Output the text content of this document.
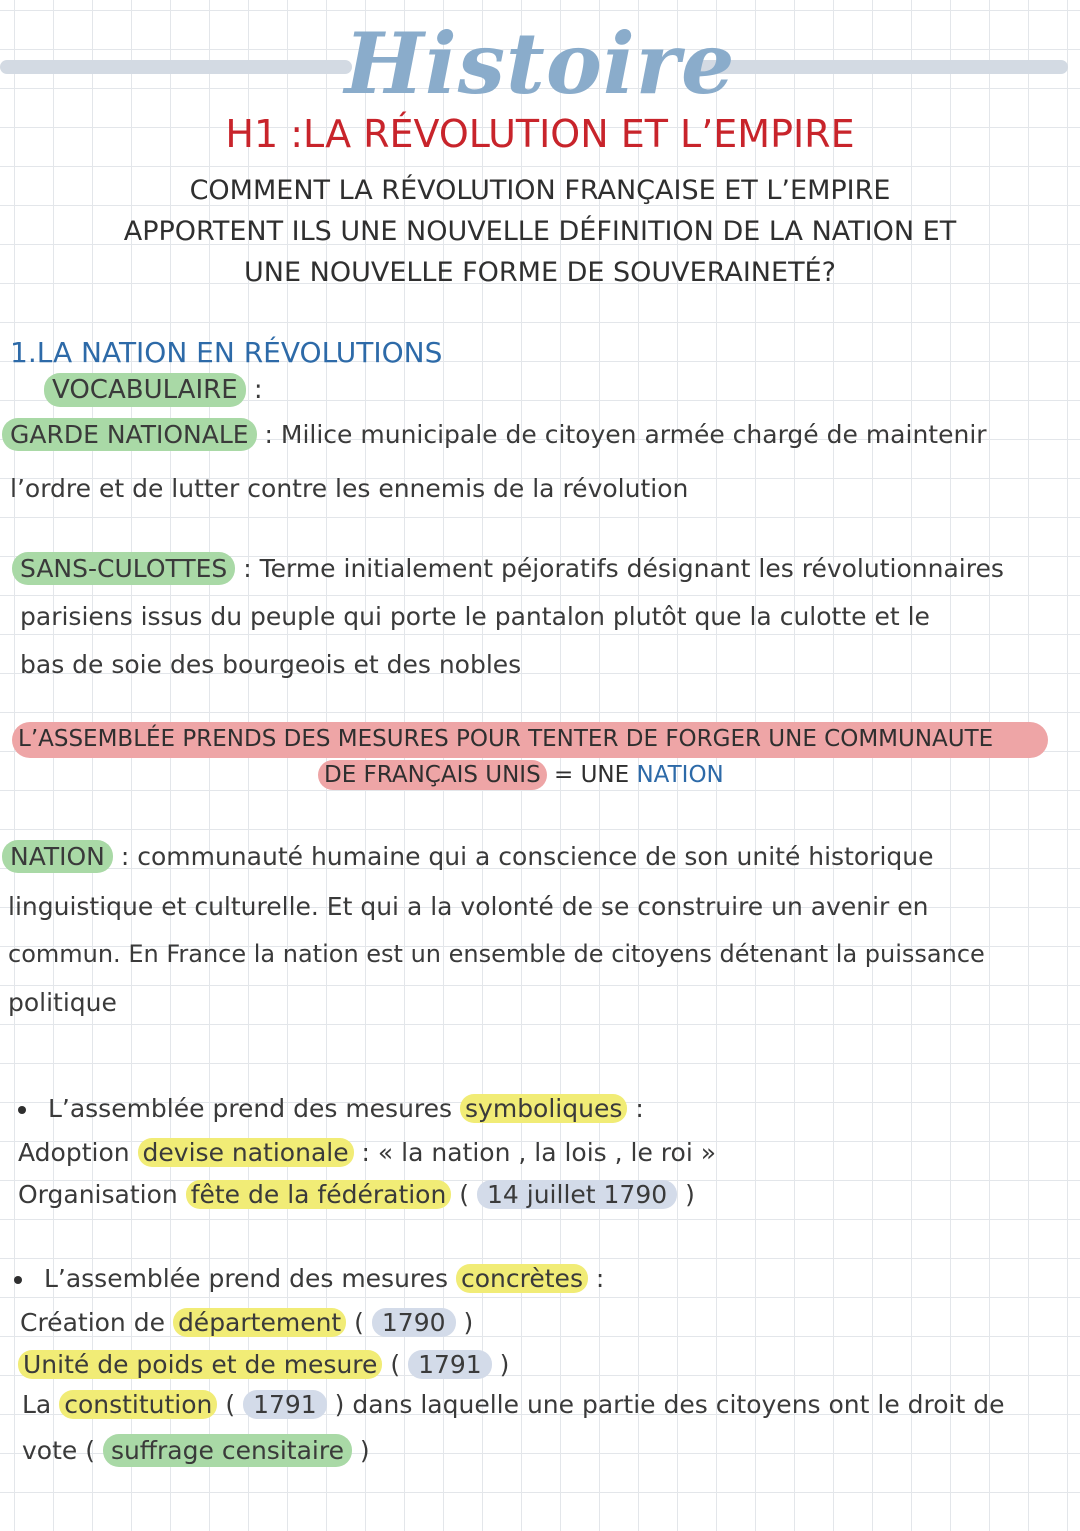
Histoire
H1 :LA RÉVOLUTION ET L’EMPIRE
COMMENT LA RÉVOLUTION FRANÇAISE ET L’EMPIRE
APPORTENT ILS UNE NOUVELLE DÉFINITION DE LA NATION ET
UNE NOUVELLE FORME DE SOUVERAINETÉ?
1.LA NATION EN RÉVOLUTIONS
VOCABULAIRE :
GARDE NATIONALE : Milice municipale de citoyen armée chargé de maintenir
l’ordre et de lutter contre les ennemis de la révolution
SANS-CULOTTES : Terme initialement péjoratifs désignant les révolutionnaires
parisiens issus du peuple qui porte le pantalon plutôt que la culotte et le
bas de soie des bourgeois et des nobles
L’ASSEMBLÉE PRENDS DES MESURES POUR TENTER DE FORGER UNE COMMUNAUTE
DE FRANÇAIS UNIS = UNE NATION
NATION : communauté humaine qui a conscience de son unité historique
linguistique et culturelle. Et qui a la volonté de se construire un avenir en
commun. En France la nation est un ensemble de citoyens détenant la puissance
politique
L’assemblée prend des mesures symboliques :
Adoption devise nationale : « la nation , la lois , le roi »
Organisation fête de la fédération ( 14 juillet 1790 )
L’assemblée prend des mesures concrètes :
Création de département ( 1790 )
Unité de poids et de mesure ( 1791 )
La constitution ( 1791 ) dans laquelle une partie des citoyens ont le droit de
vote ( suffrage censitaire )
